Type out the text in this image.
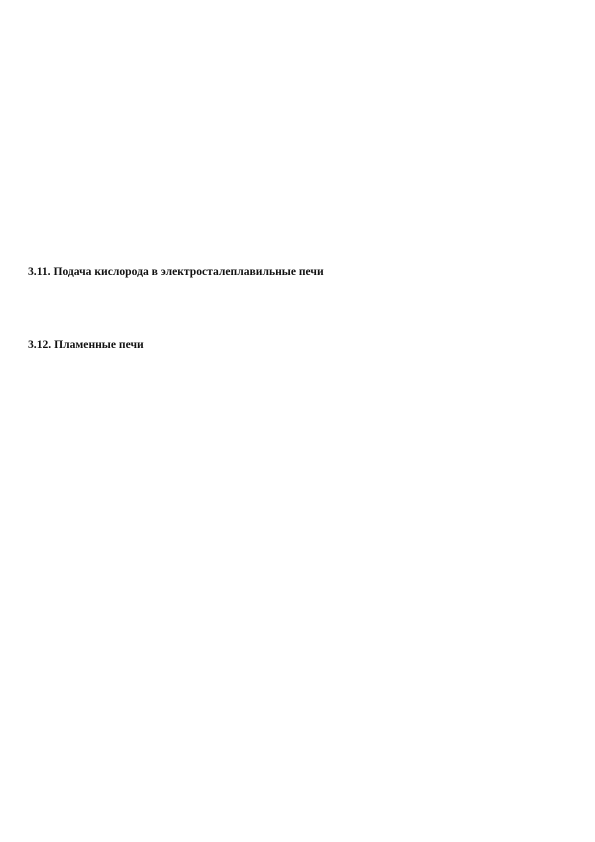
3.11. Подача кислорода в электросталеплавильные печи
3.12. Пламенные печи
